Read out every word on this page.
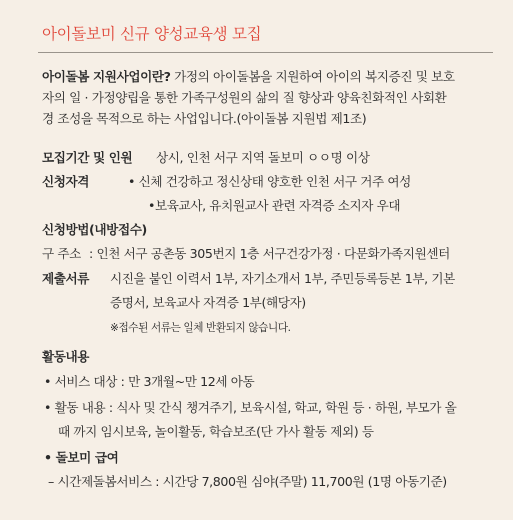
아이돌보미 신규 양성교육생 모집
아이돌봄 지원사업이란? 가정의 아이돌봄을 지원하여 아이의 복지증진 및 보호
자의 일 · 가정양립을 통한 가족구성원의 삶의 질 향상과 양육친화적인 사회환
경 조성을 목적으로 하는 사업입니다.(아이돌봄 지원법 제1조)
모집기간 및 인원 상시, 인천 서구 지역 돌보미 ㅇㅇ명 이상
신청자격	• 신체 건강하고 정신상태 양호한 인천 서구 거주 여성
•보육교사, 유치원교사 관련 자격증 소지자 우대
신청방법(내방접수)
구 주소 : 인천 서구 공촌동 305번지 1층 서구건강가정 · 다문화가족지원센터
제출서류 시진을 붙인 이력서 1부, 자기소개서 1부, 주민등록등본 1부, 기본
증명서, 보육교사 자격증 1부(해당자)
※접수된 서류는 일체 반환되지 않습니다.
활동내용
• 서비스 대상 : 만 3개월~만 12세 아동
• 활동 내용 : 식사 및 간식 챙겨주기, 보육시설, 학교, 학원 등 · 하원, 부모가 올
때 까지 임시보육, 놀이활동, 학습보조(단 가사 활동 제외) 등
• 돌보미 급여
– 시간제돌봄서비스 : 시간당 7,800원 심야(주말) 11,700원 (1명 아동기준)
